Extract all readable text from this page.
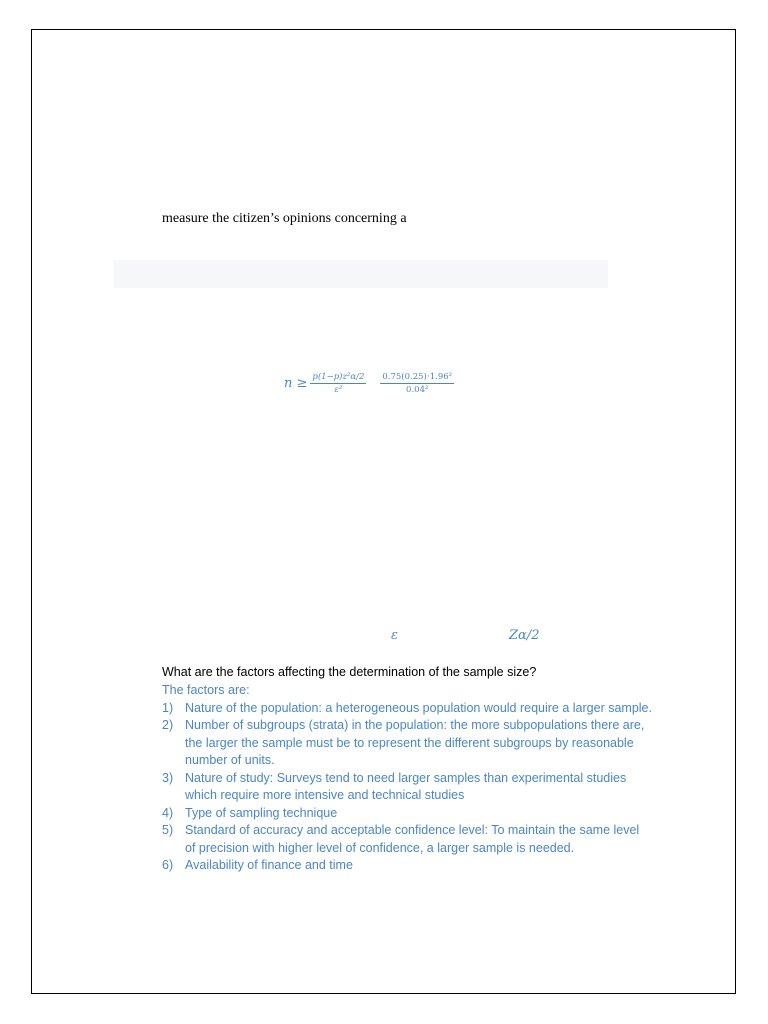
measure the citizen’s opinions concerning a
$n \ge \frac{\text{p(1−p)z²α/2}}{\text{ε²}} \frac{\text{0.75(0.25)⋅1.96²}}{\text{0.04²}}$
ε	Zα/2
What are the factors affecting the determination of the sample size?

The factors are:

1) Nature of the population: a heterogeneous population would require a larger sample.
2) Number of subgroups (strata) in the population: the more subpopulations there are, the larger the sample must be to represent the different subgroups by reasonable number of units.
3) Nature of study: Surveys tend to need larger samples than experimental studies which require more intensive and technical studies
4) Type of sampling technique
5) Standard of accuracy and acceptable confidence level: To maintain the same level of precision with higher level of confidence, a larger sample is needed.
6) Availability of finance and time
